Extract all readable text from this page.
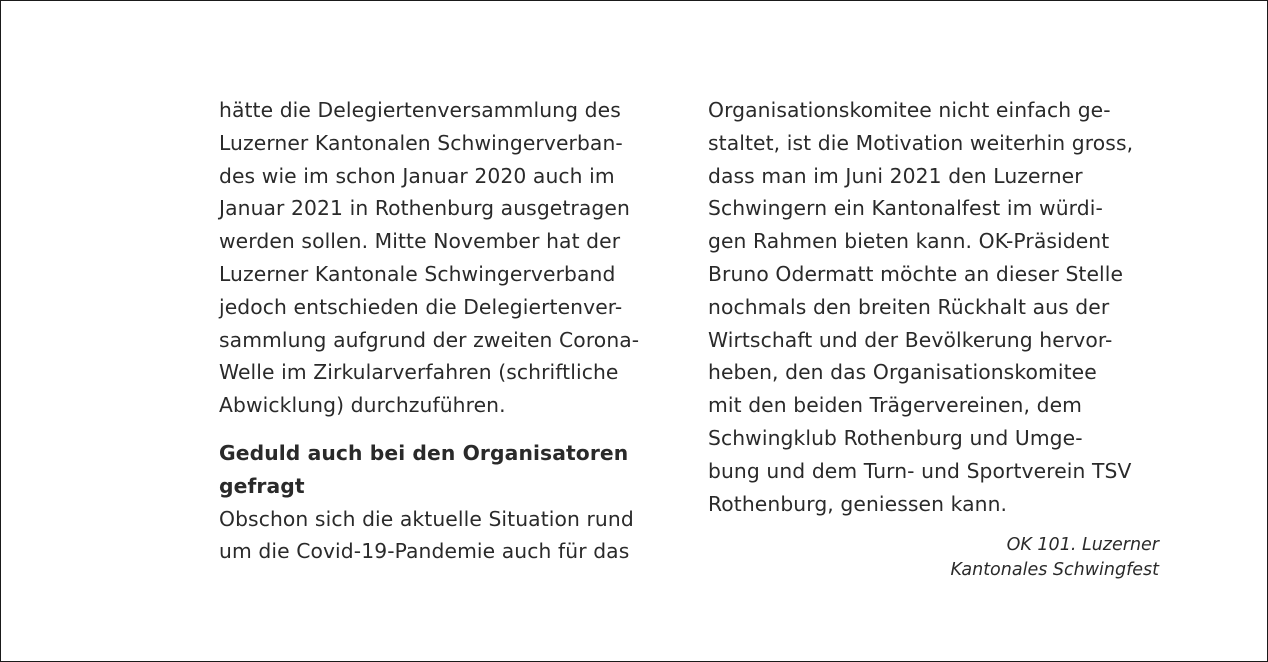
hätte die Delegiertenversammlung des
Luzerner Kantonalen Schwingerverban-
des wie im schon Januar 2020 auch im
Januar 2021 in Rothenburg ausgetragen
werden sollen. Mitte November hat der
Luzerner Kantonale Schwingerverband
jedoch entschieden die Delegiertenver-
sammlung aufgrund der zweiten Corona-
Welle im Zirkularverfahren (schriftliche
Abwicklung) durchzuführen.
Geduld auch bei den Organisatoren
gefragt
Obschon sich die aktuelle Situation rund
um die Covid-19-Pandemie auch für das
Organisationskomitee nicht einfach ge-
staltet, ist die Motivation weiterhin gross,
dass man im Juni 2021 den Luzerner
Schwingern ein Kantonalfest im würdi-
gen Rahmen bieten kann. OK-Präsident
Bruno Odermatt möchte an dieser Stelle
nochmals den breiten Rückhalt aus der
Wirtschaft und der Bevölkerung hervor-
heben, den das Organisationskomitee
mit den beiden Trägervereinen, dem
Schwingklub Rothenburg und Umge-
bung und dem Turn- und Sportverein TSV
Rothenburg, geniessen kann.
OK 101. Luzerner
Kantonales Schwingfest
